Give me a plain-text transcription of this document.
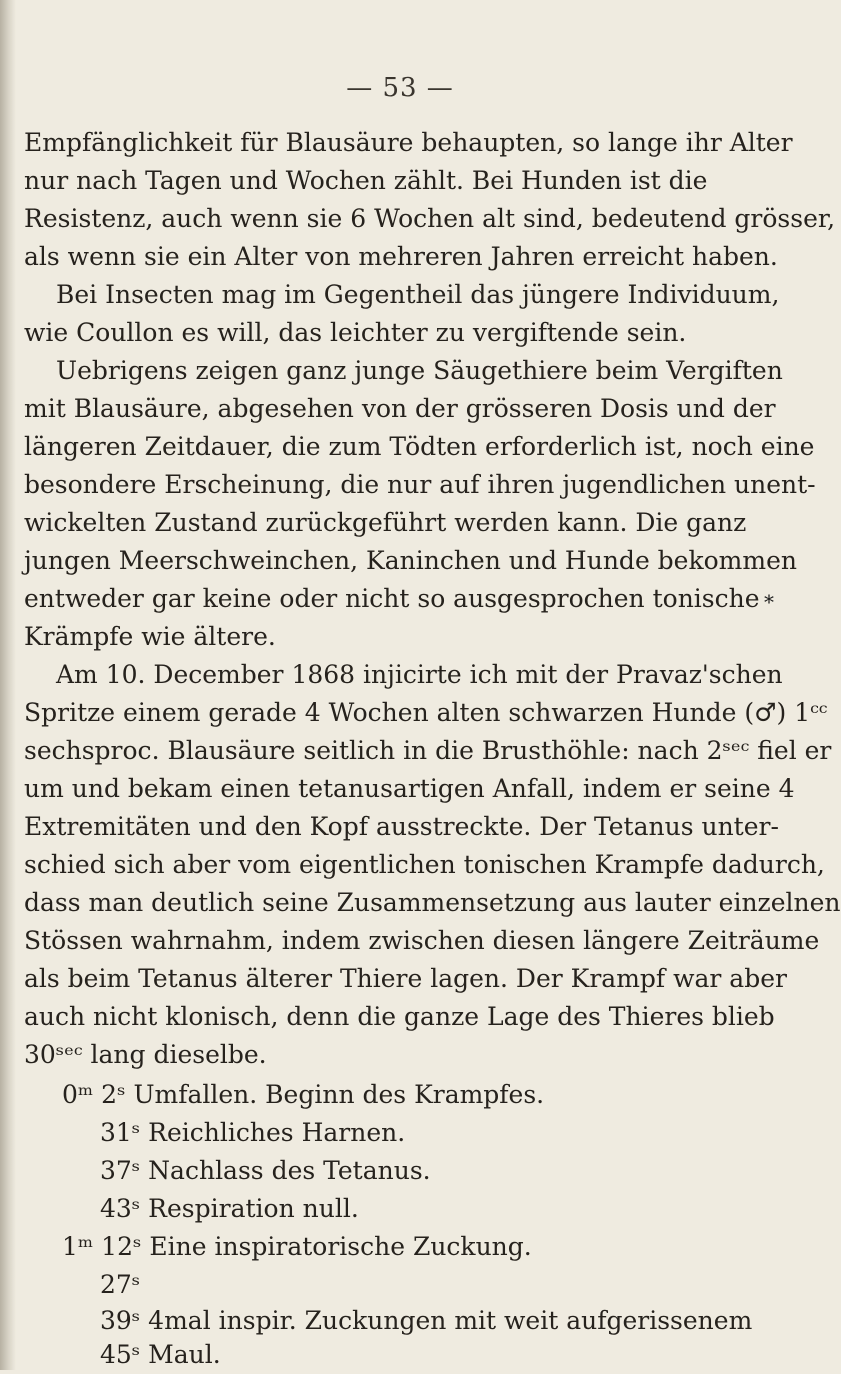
— 53 —
Empfänglichkeit für Blausäure behaupten, so lange ihr Alter
nur nach Tagen und Wochen zählt. Bei Hunden ist die
Resistenz, auch wenn sie 6 Wochen alt sind, bedeutend grösser,
als wenn sie ein Alter von mehreren Jahren erreicht haben.
Bei Insecten mag im Gegentheil das jüngere Individuum,
wie Coullon es will, das leichter zu vergiftende sein.
Uebrigens zeigen ganz junge Säugethiere beim Vergiften
mit Blausäure, abgesehen von der grösseren Dosis und der
längeren Zeitdauer, die zum Tödten erforderlich ist, noch eine
besondere Erscheinung, die nur auf ihren jugendlichen unent-
wickelten Zustand zurückgeführt werden kann. Die ganz
jungen Meerschweinchen, Kaninchen und Hunde bekommen
entweder gar keine oder nicht so ausgesprochen tonische
Krämpfe wie ältere.
Am 10. December 1868 injicirte ich mit der Pravaz'schen
Spritze einem gerade 4 Wochen alten schwarzen Hunde (♂) 1ᶜᶜ
sechsproc. Blausäure seitlich in die Brusthöhle: nach 2ˢᵉᶜ fiel er
um und bekam einen tetanusartigen Anfall, indem er seine 4
Extremitäten und den Kopf ausstreckte. Der Tetanus unter-
schied sich aber vom eigentlichen tonischen Krampfe dadurch,
dass man deutlich seine Zusammensetzung aus lauter einzelnen
Stössen wahrnahm, indem zwischen diesen längere Zeiträume
als beim Tetanus älterer Thiere lagen. Der Krampf war aber
auch nicht klonisch, denn die ganze Lage des Thieres blieb
30ˢᵉᶜ lang dieselbe.
0ᵐ 2ˢ Umfallen. Beginn des Krampfes.
31ˢ Reichliches Harnen.
37ˢ Nachlass des Tetanus.
43ˢ Respiration null.
1ᵐ 12ˢ Eine inspiratorische Zuckung.
27ˢ
39ˢ 4mal inspir. Zuckungen mit weit aufgerissenem
45ˢ Maul.
*
